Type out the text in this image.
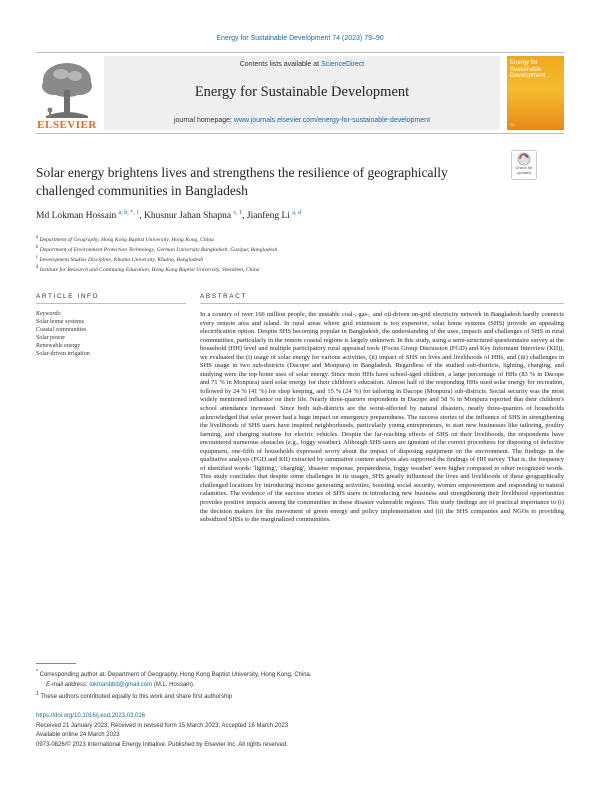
Energy for Sustainable Development 74 (2023) 79–90
ELSEVIER
Contents lists available at ScienceDirect
Energy for Sustainable Development
journal homepage: www.journals.elsevier.com/energy-for-sustainable-development
Energy for
Sustainable
Development
74
Check for
updates
Solar energy brightens lives and strengthens the resilience of geographically challenged communities in Bangladesh
Md Lokman Hossain $^{a, b, *, 1}$, Khusnur Jahan Shapna $^{c, 1}$, Jianfeng Li $^{a, d}$
$^a$ Department of Geography, Hong Kong Baptist University, Hong Kong, China
$^b$ Department of Environment Protection Technology, German University Bangladesh, Gazipur, Bangladesh
$^c$ Development Studies Discipline, Khulna University, Khulna, Bangladesh
$^d$ Institute for Research and Continuing Education, Hong Kong Baptist University, Shenzhen, China
ARTICLE INFO	ABSTRACT
Keywords:
Solar home systems
Coastal communities
Solar power
Renewable energy
Solar-driven irrigation
In a country of over 166 million people, the unstable coal-, gas-, and oil-driven on-grid electricity network in Bangladesh hardly connects every remote area and island. In rural areas where grid extension is too expensive, solar home systems (SHS) provide an appealing electrification option. Despite SHS becoming popular in Bangladesh, the understanding of the uses, impacts and challenges of SHS in rural communities, particularly in the remote coastal regions is largely unknown. In this study, using a semi-structured questionnaire survey at the household (HH) level and multiple participatory rural appraisal tools (Focus Group Discussion (FGD) and Key Informant Interview (KII)), we evaluated the (i) usage of solar energy for various activities, (ii) impact of SHS on lives and livelihoods of HHs, and (iii) challenges in SHS usage in two sub-districts (Dacope and Monpura) in Bangladesh. Regardless of the studied sub-districts, lighting, charging, and studying were the top home uses of solar energy. Since most HHs have school-aged children, a large percentage of HHs (83 % in Dacope and 71 % in Monpura) used solar energy for their children's education. Almost half of the responding HHs used solar energy for recreation, followed by 24 % (41 %) for shop keeping, and 15 % (24 %) for tailoring in Dacope (Monpura) sub-districts. Social security was the most widely mentioned influence on their life. Nearly three-quarters respondents in Dacope and 58 % in Monpura reported that their children's school attendance increased. Since both sub-districts are the worst-affected by natural disasters, nearly three-quarters of households acknowledged that solar power had a huge impact on emergency preparedness. The success stories of the influence of SHS in strengthening the livelihoods of SHS users have inspired neighborhoods, particularly young entrepreneurs, to start new businesses like tailoring, poultry farming, and charging stations for electric vehicles. Despite the far-reaching effects of SHS on their livelihoods, the respondents have encountered numerous obstacles (e.g., foggy weather). Although SHS users are ignorant of the correct procedures for disposing of defective equipment, one-fifth of households expressed worry about the impact of disposing equipment on the environment. The findings in the qualitative analysis (FGD and KII) extracted by summative content analysis also supported the findings of HH survey. That is, the frequency of identified words: 'lighting', 'charging', 'disaster response, preparedness, foggy weather' were higher compared to other recognized words. This study concludes that despite some challenges in its usages, SHS greatly influenced the lives and livelihoods of these geographically challenged locations by introducing income generating activities, boosting social security, women empowerment and responding to natural calamities. The evidence of the success stories of SHS users in introducing new business and strengthening their livelihood opportunities provides positive impacts among the communities in these disaster vulnerable regions. This study findings are of practical importance to (i) the decision makers for the movement of green energy and policy implementation and (ii) the SHS companies and NGOs to providing subsidized SHSs to the marginalized communities.
* Corresponding author at: Department of Geography, Hong Kong Baptist University, Hong Kong, China.
E-mail address: lokmanbbd@gmail.com (M.L. Hossain).
$^1$ These authors contributed equally to this work and share first authorship
https://doi.org/10.1016/j.esd.2023.03.016
Received 21 January 2023; Received in revised form 15 March 2023; Accepted 16 March 2023
Available online 24 March 2023
0973-0826/© 2023 International Energy Initiative. Published by Elsevier Inc. All rights reserved.
